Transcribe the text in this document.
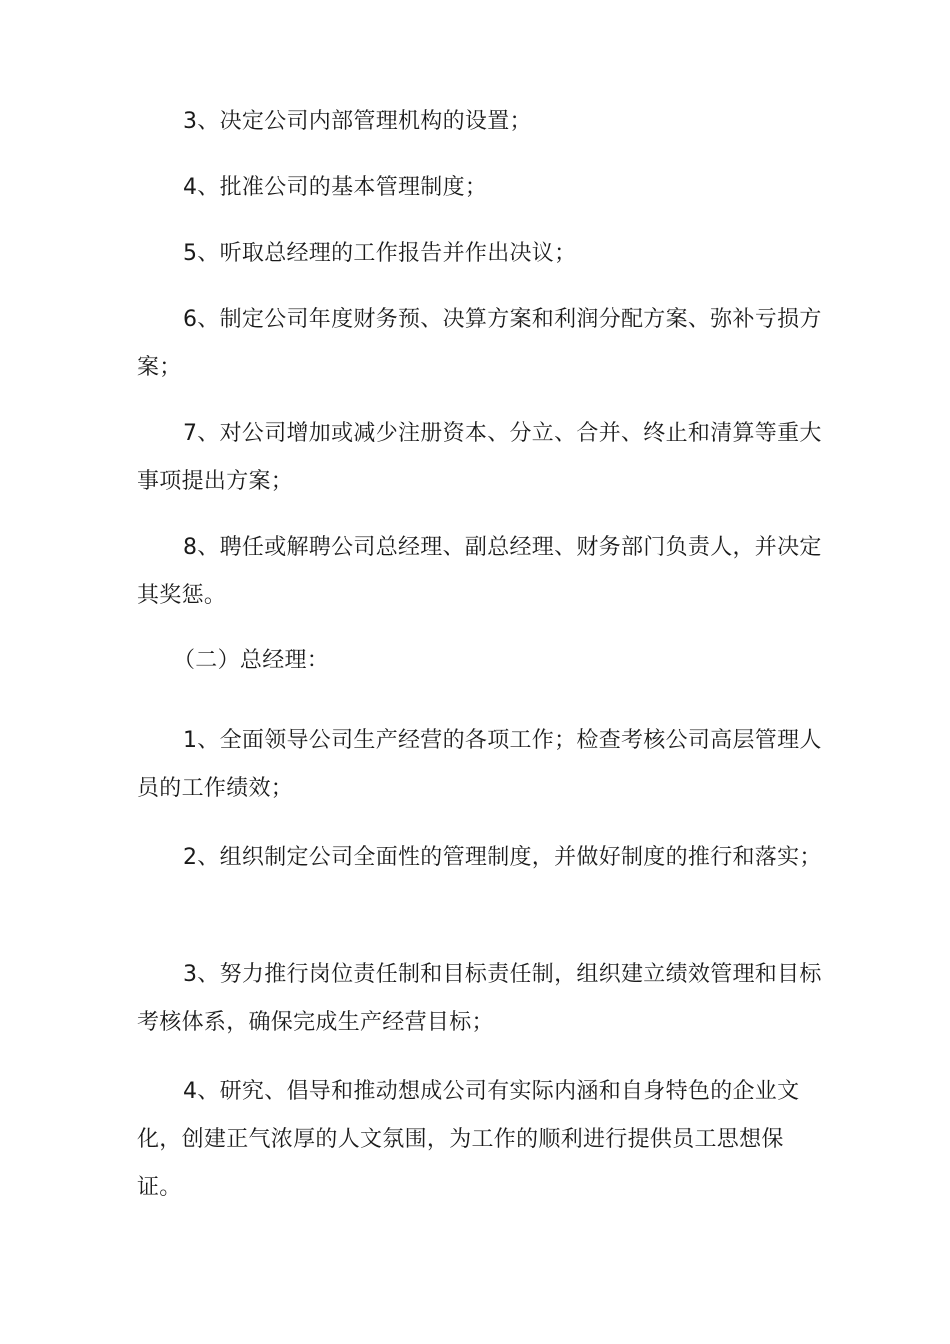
3、决定公司内部管理机构的设置；

4、批准公司的基本管理制度；

5、听取总经理的工作报告并作出决议；

6、制定公司年度财务预、决算方案和利润分配方案、弥补亏损方案；

7、对公司增加或减少注册资本、分立、合并、终止和清算等重大事项提出方案；

8、聘任或解聘公司总经理、副总经理、财务部门负责人，并决定其奖惩。

（二）总经理：

1、全面领导公司生产经营的各项工作；检查考核公司高层管理人员的工作绩效；

2、组织制定公司全面性的管理制度，并做好制度的推行和落实；

3、努力推行岗位责任制和目标责任制，组织建立绩效管理和目标考核体系，确保完成生产经营目标；

4、研究、倡导和推动想成公司有实际内涵和自身特色的企业文化，创建正气浓厚的人文氛围，为工作的顺利进行提供员工思想保证。
